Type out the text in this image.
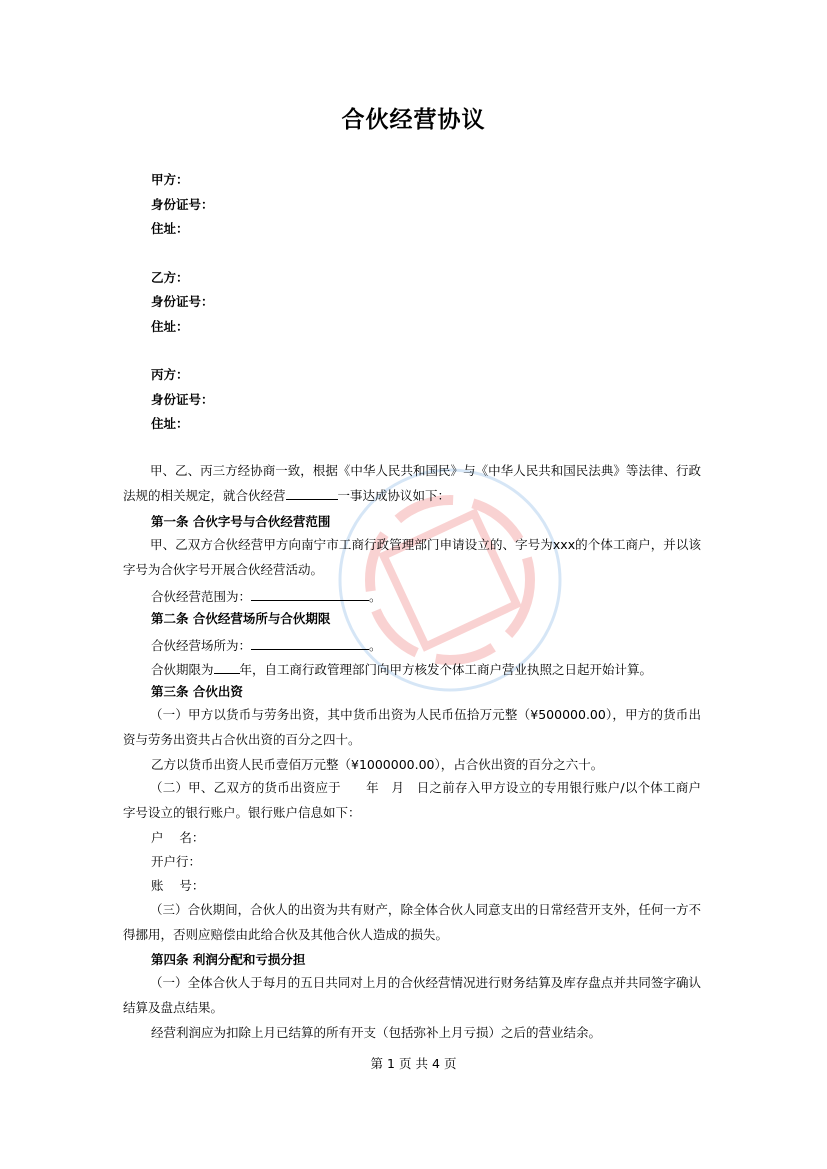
合伙经营协议
甲方：
身份证号：
住址：
乙方：
身份证号：
住址：
丙方：
身份证号：
住址：
甲、乙、丙三方经协商一致，根据《中华人民共和国民》与《中华人民共和国民法典》等法律、行政法规的相关规定，就合伙经营	一事达成协议如下：
第一条 合伙字号与合伙经营范围
甲、乙双方合伙经营甲方向南宁市工商行政管理部门申请设立的、字号为xxx的个体工商户，并以该字号为合伙字号开展合伙经营活动。
合伙经营范围为：	。
第二条 合伙经营场所与合伙期限
合伙经营场所为：	。
合伙期限为 年，自工商行政管理部门向甲方核发个体工商户营业执照之日起开始计算。
第三条 合伙出资
（一）甲方以货币与劳务出资，其中货币出资为人民币伍拾万元整（¥500000.00），甲方的货币出资与劳务出资共占合伙出资的百分之四十。
乙方以货币出资人民币壹佰万元整（¥1000000.00），占合伙出资的百分之六十。
（二）甲、乙双方的货币出资应于      年   月   日之前存入甲方设立的专用银行账户/以个体工商户字号设立的银行账户。银行账户信息如下：
户    名：
开户行：
账    号：
（三）合伙期间，合伙人的出资为共有财产，除全体合伙人同意支出的日常经营开支外，任何一方不得挪用，否则应赔偿由此给合伙及其他合伙人造成的损失。
第四条 利润分配和亏损分担
（一）全体合伙人于每月的五日共同对上月的合伙经营情况进行财务结算及库存盘点并共同签字确认结算及盘点结果。
经营利润应为扣除上月已结算的所有开支（包括弥补上月亏损）之后的营业结余。
第 1 页 共 4 页
